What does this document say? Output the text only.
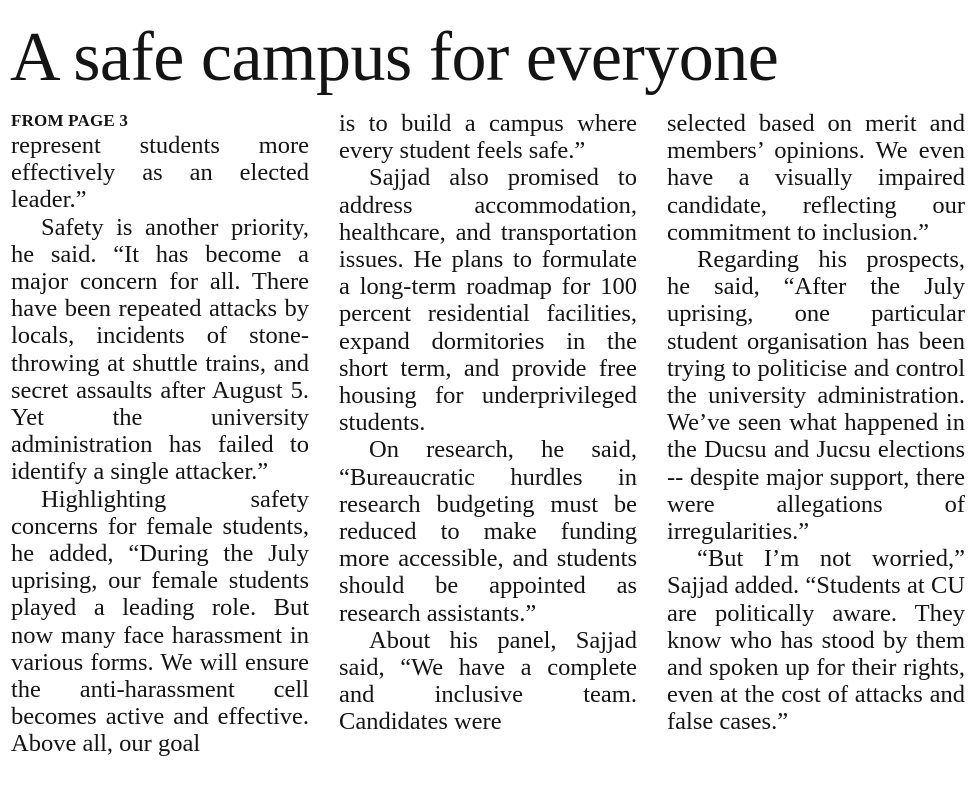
A safe campus for everyone
FROM PAGE 3

represent students more effectively as an elected leader.”

Safety is another priority, he said. “It has become a major concern for all. There have been repeated attacks by locals, incidents of stone-throwing at shuttle trains, and secret assaults after August 5. Yet the university administration has failed to identify a single attacker.”

Highlighting safety concerns for female students, he added, “During the July uprising, our female students played a leading role. But now many face harassment in various forms. We will ensure the anti-harassment cell becomes active and effective. Above all, our goal

is to build a campus where every student feels safe.”

Sajjad also promised to address accommodation, healthcare, and transportation issues. He plans to formulate a long-term roadmap for 100 percent residential facilities, expand dormitories in the short term, and provide free housing for underprivileged students.

On research, he said, “Bureaucratic hurdles in research budgeting must be reduced to make funding more accessible, and students should be appointed as research assistants.”

About his panel, Sajjad said, “We have a complete and inclusive team. Candidates were

selected based on merit and members’ opinions. We even have a visually impaired candidate, reflecting our commitment to inclusion.”

Regarding his prospects, he said, “After the July uprising, one particular student organisation has been trying to politicise and control the university administration. We’ve seen what happened in the Ducsu and Jucsu elections -- despite major support, there were allegations of irregularities.”

“But I’m not worried,” Sajjad added. “Students at CU are politically aware. They know who has stood by them and spoken up for their rights, even at the cost of attacks and false cases.”
